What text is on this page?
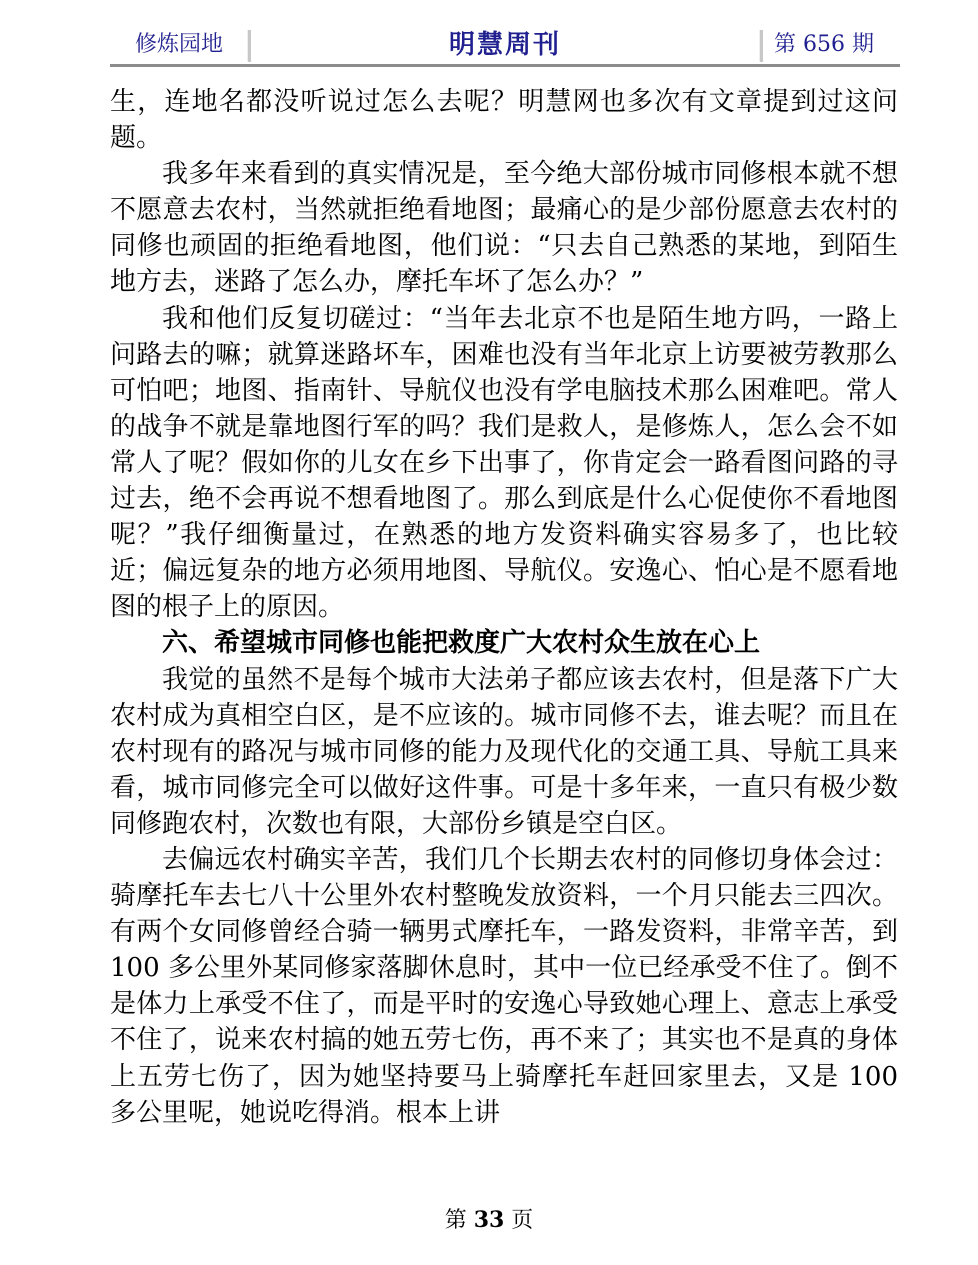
修炼园地	明慧周刊	第 656 期

生，连地名都没听说过怎么去呢？明慧网也多次有文章提到过这问题。

我多年来看到的真实情况是，至今绝大部份城市同修根本就不想不愿意去农村，当然就拒绝看地图；最痛心的是少部份愿意去农村的同修也顽固的拒绝看地图，他们说：“只去自己熟悉的某地，到陌生地方去，迷路了怎么办，摩托车坏了怎么办？”

我和他们反复切磋过：“当年去北京不也是陌生地方吗，一路上问路去的嘛；就算迷路坏车，困难也没有当年北京上访要被劳教那么可怕吧；地图、指南针、导航仪也没有学电脑技术那么困难吧。常人的战争不就是靠地图行军的吗？我们是救人，是修炼人，怎么会不如常人了呢？假如你的儿女在乡下出事了，你肯定会一路看图问路的寻过去，绝不会再说不想看地图了。那么到底是什么心促使你不看地图呢？”我仔细衡量过，在熟悉的地方发资料确实容易多了，也比较近；偏远复杂的地方必须用地图、导航仪。安逸心、怕心是不愿看地图的根子上的原因。

六、希望城市同修也能把救度广大农村众生放在心上

我觉的虽然不是每个城市大法弟子都应该去农村，但是落下广大农村成为真相空白区，是不应该的。城市同修不去，谁去呢？而且在农村现有的路况与城市同修的能力及现代化的交通工具、导航工具来看，城市同修完全可以做好这件事。可是十多年来，一直只有极少数同修跑农村，次数也有限，大部份乡镇是空白区。

去偏远农村确实辛苦，我们几个长期去农村的同修切身体会过：骑摩托车去七八十公里外农村整晚发放资料，一个月只能去三四次。有两个女同修曾经合骑一辆男式摩托车，一路发资料，非常辛苦，到 100 多公里外某同修家落脚休息时，其中一位已经承受不住了。倒不是体力上承受不住了，而是平时的安逸心导致她心理上、意志上承受不住了，说来农村搞的她五劳七伤，再不来了；其实也不是真的身体上五劳七伤了，因为她坚持要马上骑摩托车赶回家里去，又是 100 多公里呢，她说吃得消。根本上讲

第 33 页
